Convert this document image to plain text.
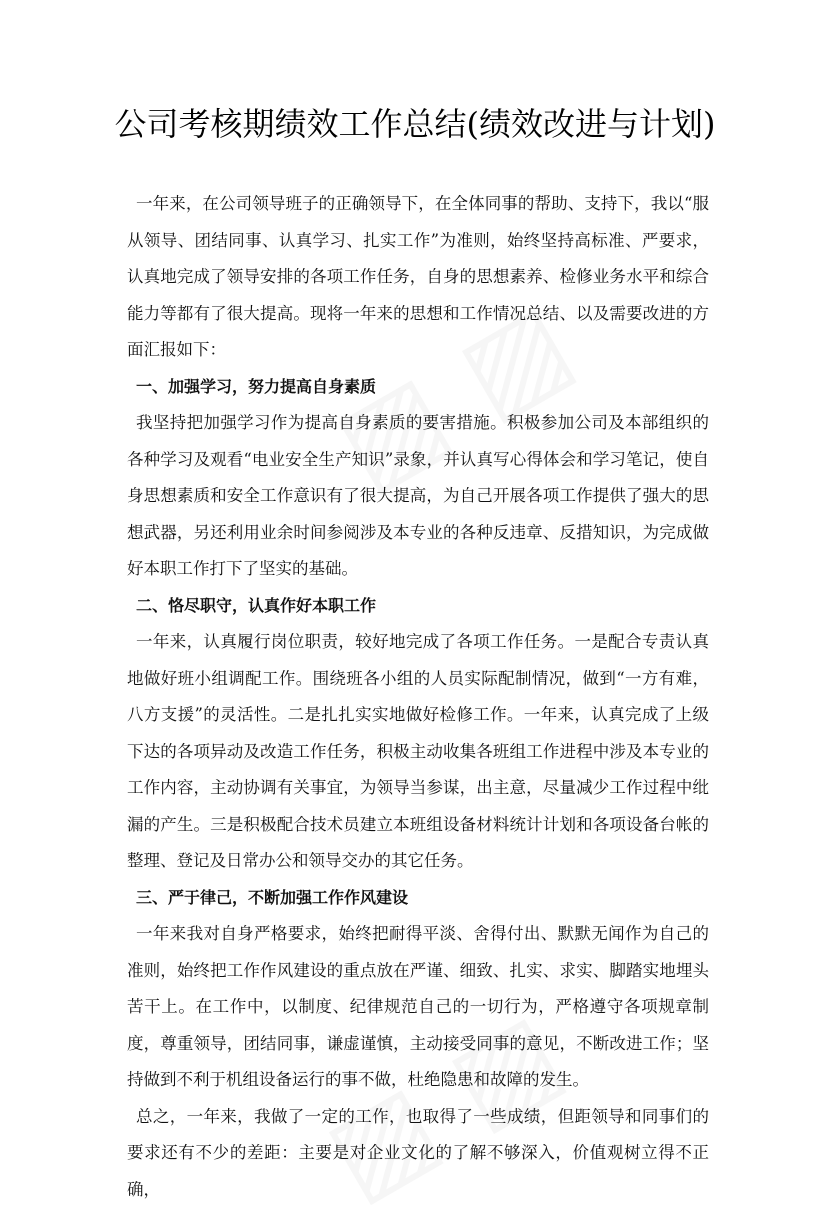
公司考核期绩效工作总结(绩效改进与计划)

一年来，在公司领导班子的正确领导下，在全体同事的帮助、支持下，我以“服从领导、团结同事、认真学习、扎实工作”为准则，始终坚持高标准、严要求，认真地完成了领导安排的各项工作任务，自身的思想素养、检修业务水平和综合能力等都有了很大提高。现将一年来的思想和工作情况总结、以及需要改进的方面汇报如下：

一、加强学习，努力提高自身素质

我坚持把加强学习作为提高自身素质的要害措施。积极参加公司及本部组织的各种学习及观看“电业安全生产知识”录象，并认真写心得体会和学习笔记，使自身思想素质和安全工作意识有了很大提高，为自己开展各项工作提供了强大的思想武器，另还利用业余时间参阅涉及本专业的各种反违章、反措知识，为完成做好本职工作打下了坚实的基础。

二、恪尽职守，认真作好本职工作

一年来，认真履行岗位职责，较好地完成了各项工作任务。一是配合专责认真地做好班小组调配工作。围绕班各小组的人员实际配制情况，做到“一方有难，八方支援”的灵活性。二是扎扎实实地做好检修工作。一年来，认真完成了上级下达的各项异动及改造工作任务，积极主动收集各班组工作进程中涉及本专业的工作内容，主动协调有关事宜，为领导当参谋，出主意，尽量减少工作过程中纰漏的产生。三是积极配合技术员建立本班组设备材料统计计划和各项设备台帐的整理、登记及日常办公和领导交办的其它任务。

三、严于律己，不断加强工作作风建设

一年来我对自身严格要求，始终把耐得平淡、舍得付出、默默无闻作为自己的准则，始终把工作作风建设的重点放在严谨、细致、扎实、求实、脚踏实地埋头苦干上。在工作中，以制度、纪律规范自己的一切行为，严格遵守各项规章制度，尊重领导，团结同事，谦虚谨慎，主动接受同事的意见，不断改进工作；坚持做到不利于机组设备运行的事不做，杜绝隐患和故障的发生。

总之，一年来，我做了一定的工作，也取得了一些成绩，但距领导和同事们的要求还有不少的差距：主要是对企业文化的了解不够深入，价值观树立得不正确，
